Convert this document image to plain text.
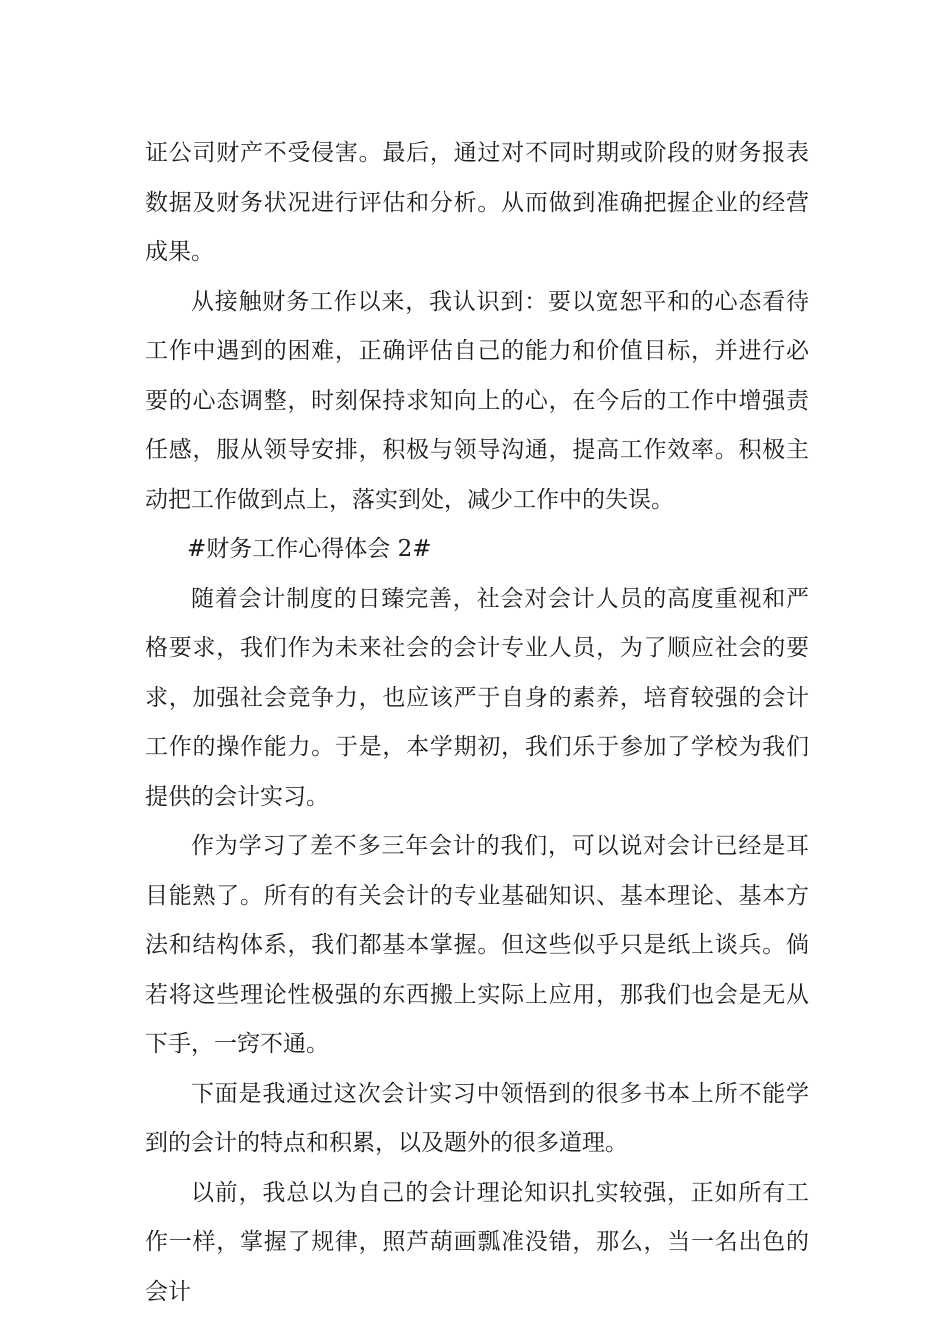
证公司财产不受侵害。最后，通过对不同时期或阶段的财务报表数据及财务状况进行评估和分析。从而做到准确把握企业的经营成果。

从接触财务工作以来，我认识到：要以宽恕平和的心态看待工作中遇到的困难，正确评估自己的能力和价值目标，并进行必要的心态调整，时刻保持求知向上的心，在今后的工作中增强责任感，服从领导安排，积极与领导沟通，提高工作效率。积极主动把工作做到点上，落实到处，减少工作中的失误。

#财务工作心得体会 2#

随着会计制度的日臻完善，社会对会计人员的高度重视和严格要求，我们作为未来社会的会计专业人员，为了顺应社会的要求，加强社会竞争力，也应该严于自身的素养，培育较强的会计工作的操作能力。于是，本学期初，我们乐于参加了学校为我们提供的会计实习。

作为学习了差不多三年会计的我们，可以说对会计已经是耳目能熟了。所有的有关会计的专业基础知识、基本理论、基本方法和结构体系，我们都基本掌握。但这些似乎只是纸上谈兵。倘若将这些理论性极强的东西搬上实际上应用，那我们也会是无从下手，一窍不通。

下面是我通过这次会计实习中领悟到的很多书本上所不能学到的会计的特点和积累，以及题外的很多道理。

以前，我总以为自己的会计理论知识扎实较强，正如所有工作一样，掌握了规律，照芦葫画瓢准没错，那么，当一名出色的会计
